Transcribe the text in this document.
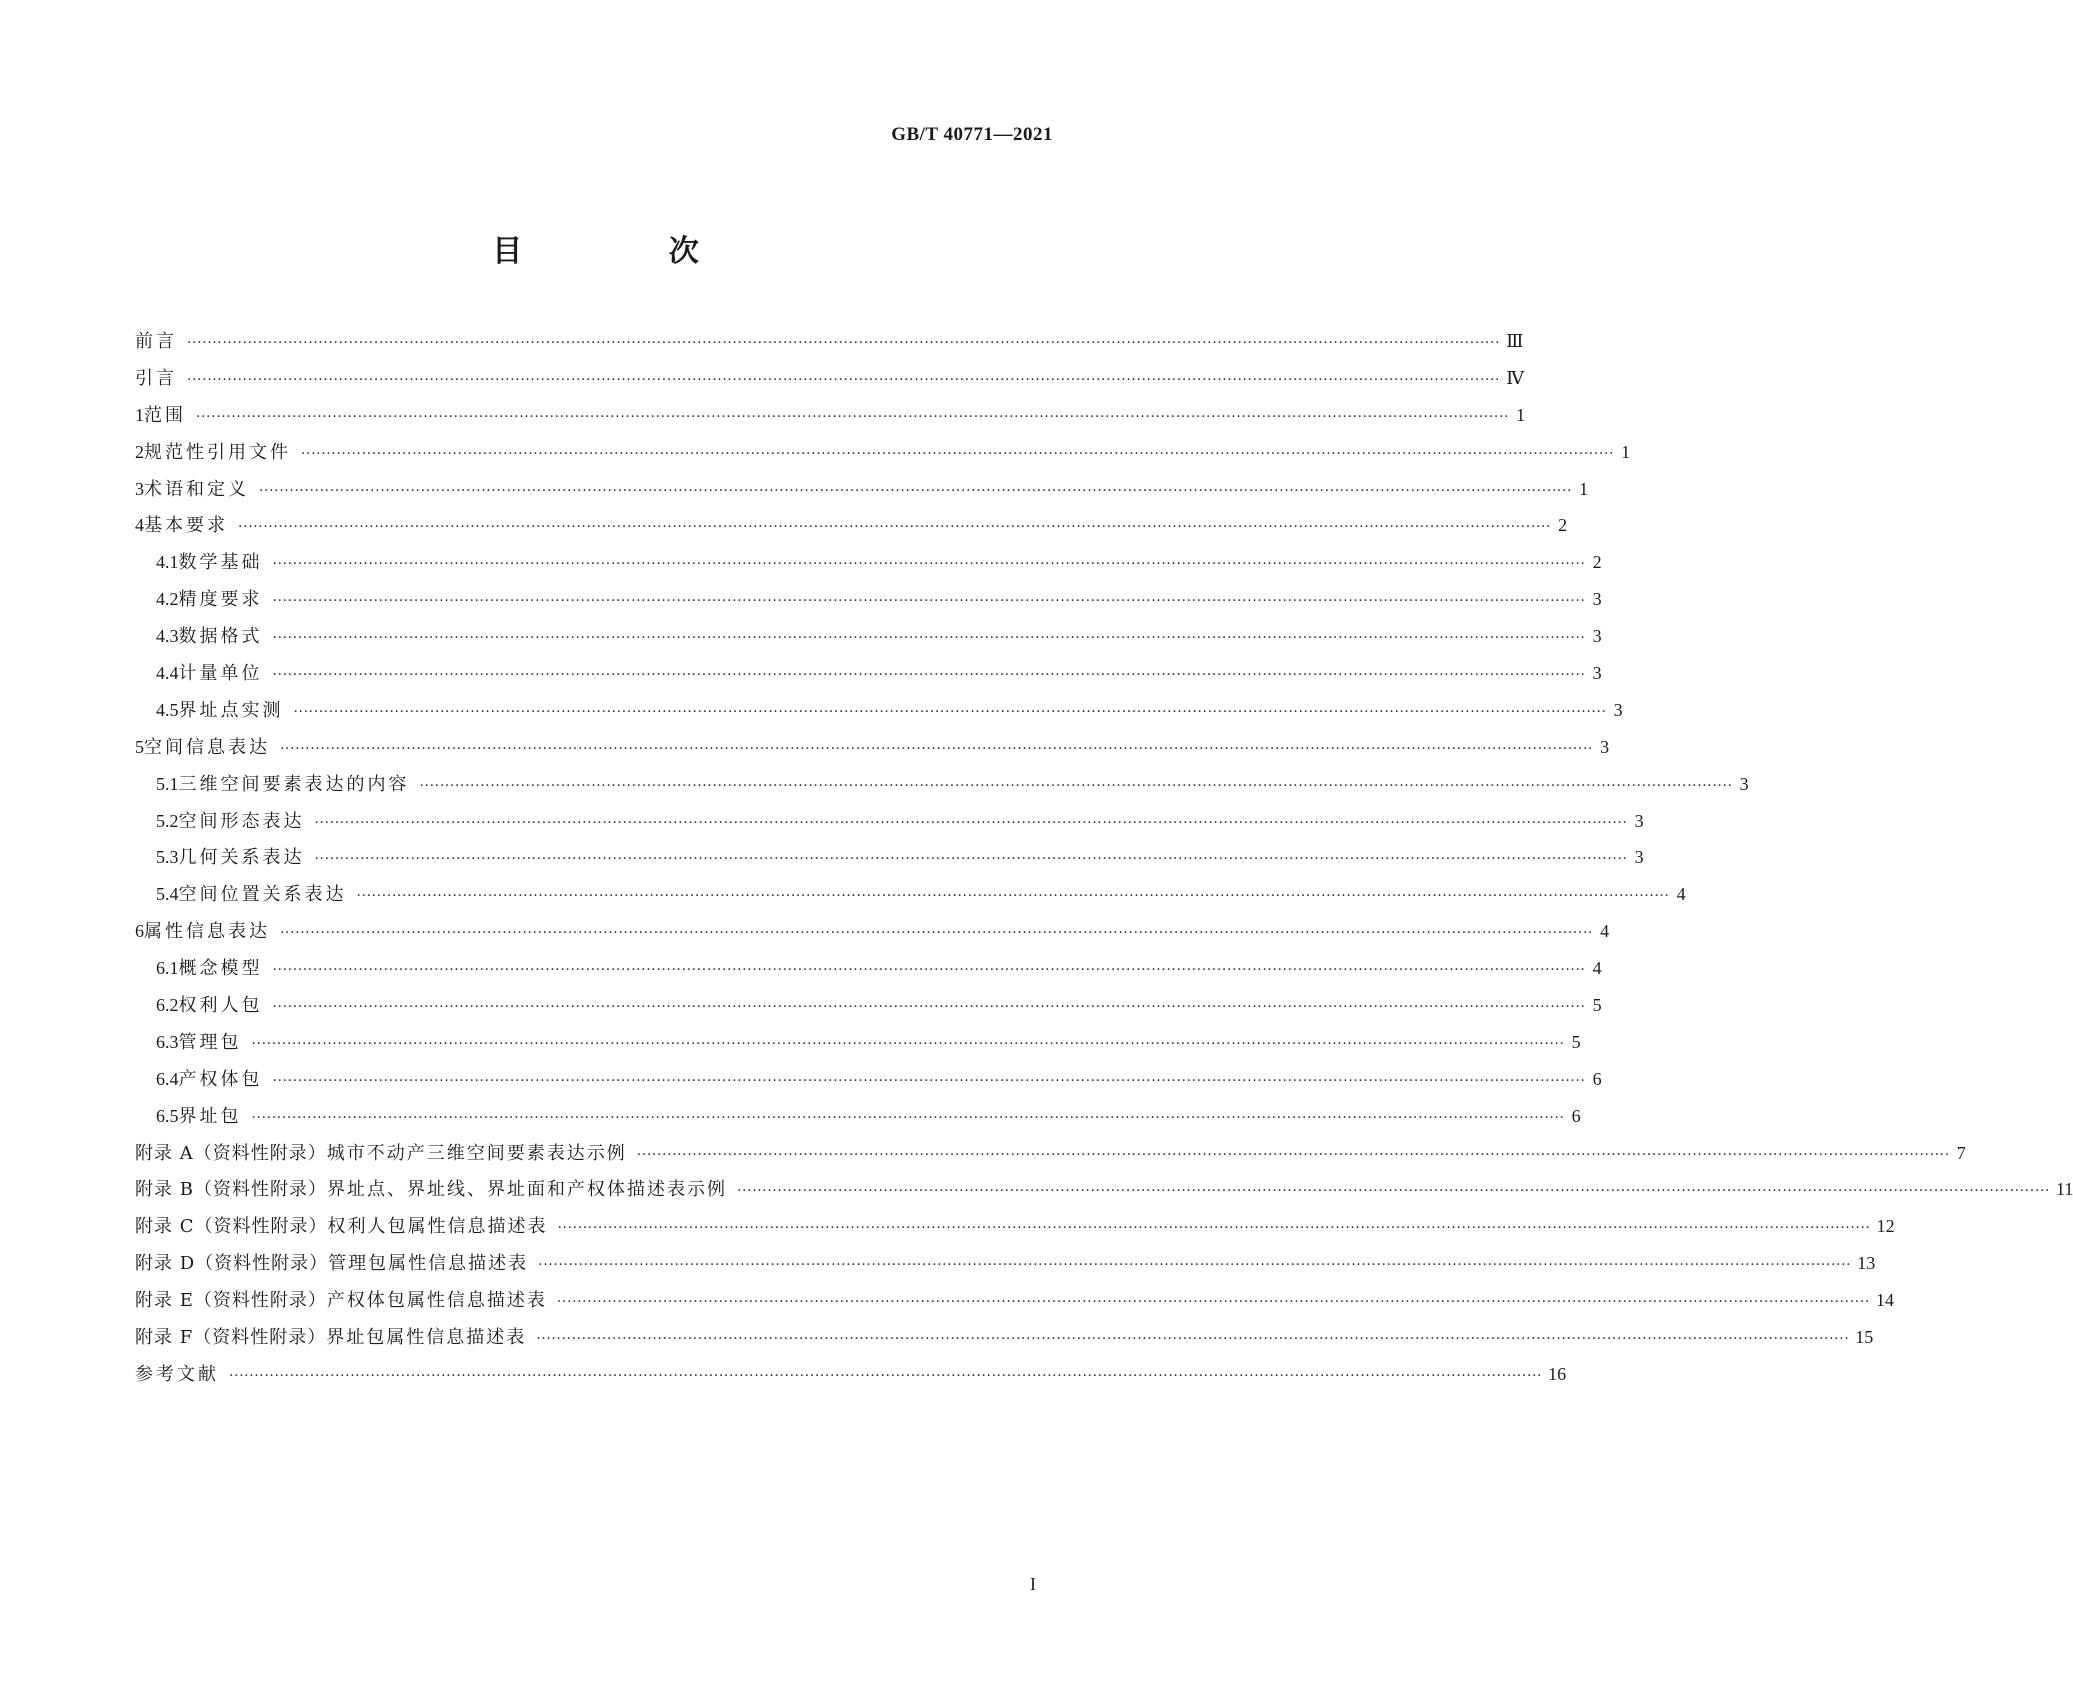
GB/T 40771—2021
目 次
前言 ···································································································································································································································································· Ⅲ
引言 ···································································································································································································································································· Ⅳ
1 范围 ···································································································································································································································································· 1
2 规范性引用文件 ···································································································································································································································································· 1
3 术语和定义 ···································································································································································································································································· 1
4 基本要求 ···································································································································································································································································· 2
4.1 数学基础 ···································································································································································································································································· 2
4.2 精度要求 ···································································································································································································································································· 3
4.3 数据格式 ···································································································································································································································································· 3
4.4 计量单位 ···································································································································································································································································· 3
4.5 界址点实测 ···································································································································································································································································· 3
5 空间信息表达 ···································································································································································································································································· 3
5.1 三维空间要素表达的内容 ···································································································································································································································································· 3
5.2 空间形态表达 ···································································································································································································································································· 3
5.3 几何关系表达 ···································································································································································································································································· 3
5.4 空间位置关系表达 ···································································································································································································································································· 4
6 属性信息表达 ···································································································································································································································································· 4
6.1 概念模型 ···································································································································································································································································· 4
6.2 权利人包 ···································································································································································································································································· 5
6.3 管理包 ···································································································································································································································································· 5
6.4 产权体包 ···································································································································································································································································· 6
6.5 界址包 ···································································································································································································································································· 6
附录 A（资料性附录） 城市不动产三维空间要素表达示例 ···································································································································································································································································· 7
附录 B（资料性附录） 界址点、界址线、界址面和产权体描述表示例 ···································································································································································································································································· 11
附录 C（资料性附录） 权利人包属性信息描述表 ···································································································································································································································································· 12
附录 D（资料性附录） 管理包属性信息描述表 ···································································································································································································································································· 13
附录 E（资料性附录） 产权体包属性信息描述表 ···································································································································································································································································· 14
附录 F（资料性附录） 界址包属性信息描述表 ···································································································································································································································································· 15
参考文献 ···································································································································································································································································· 16
I
